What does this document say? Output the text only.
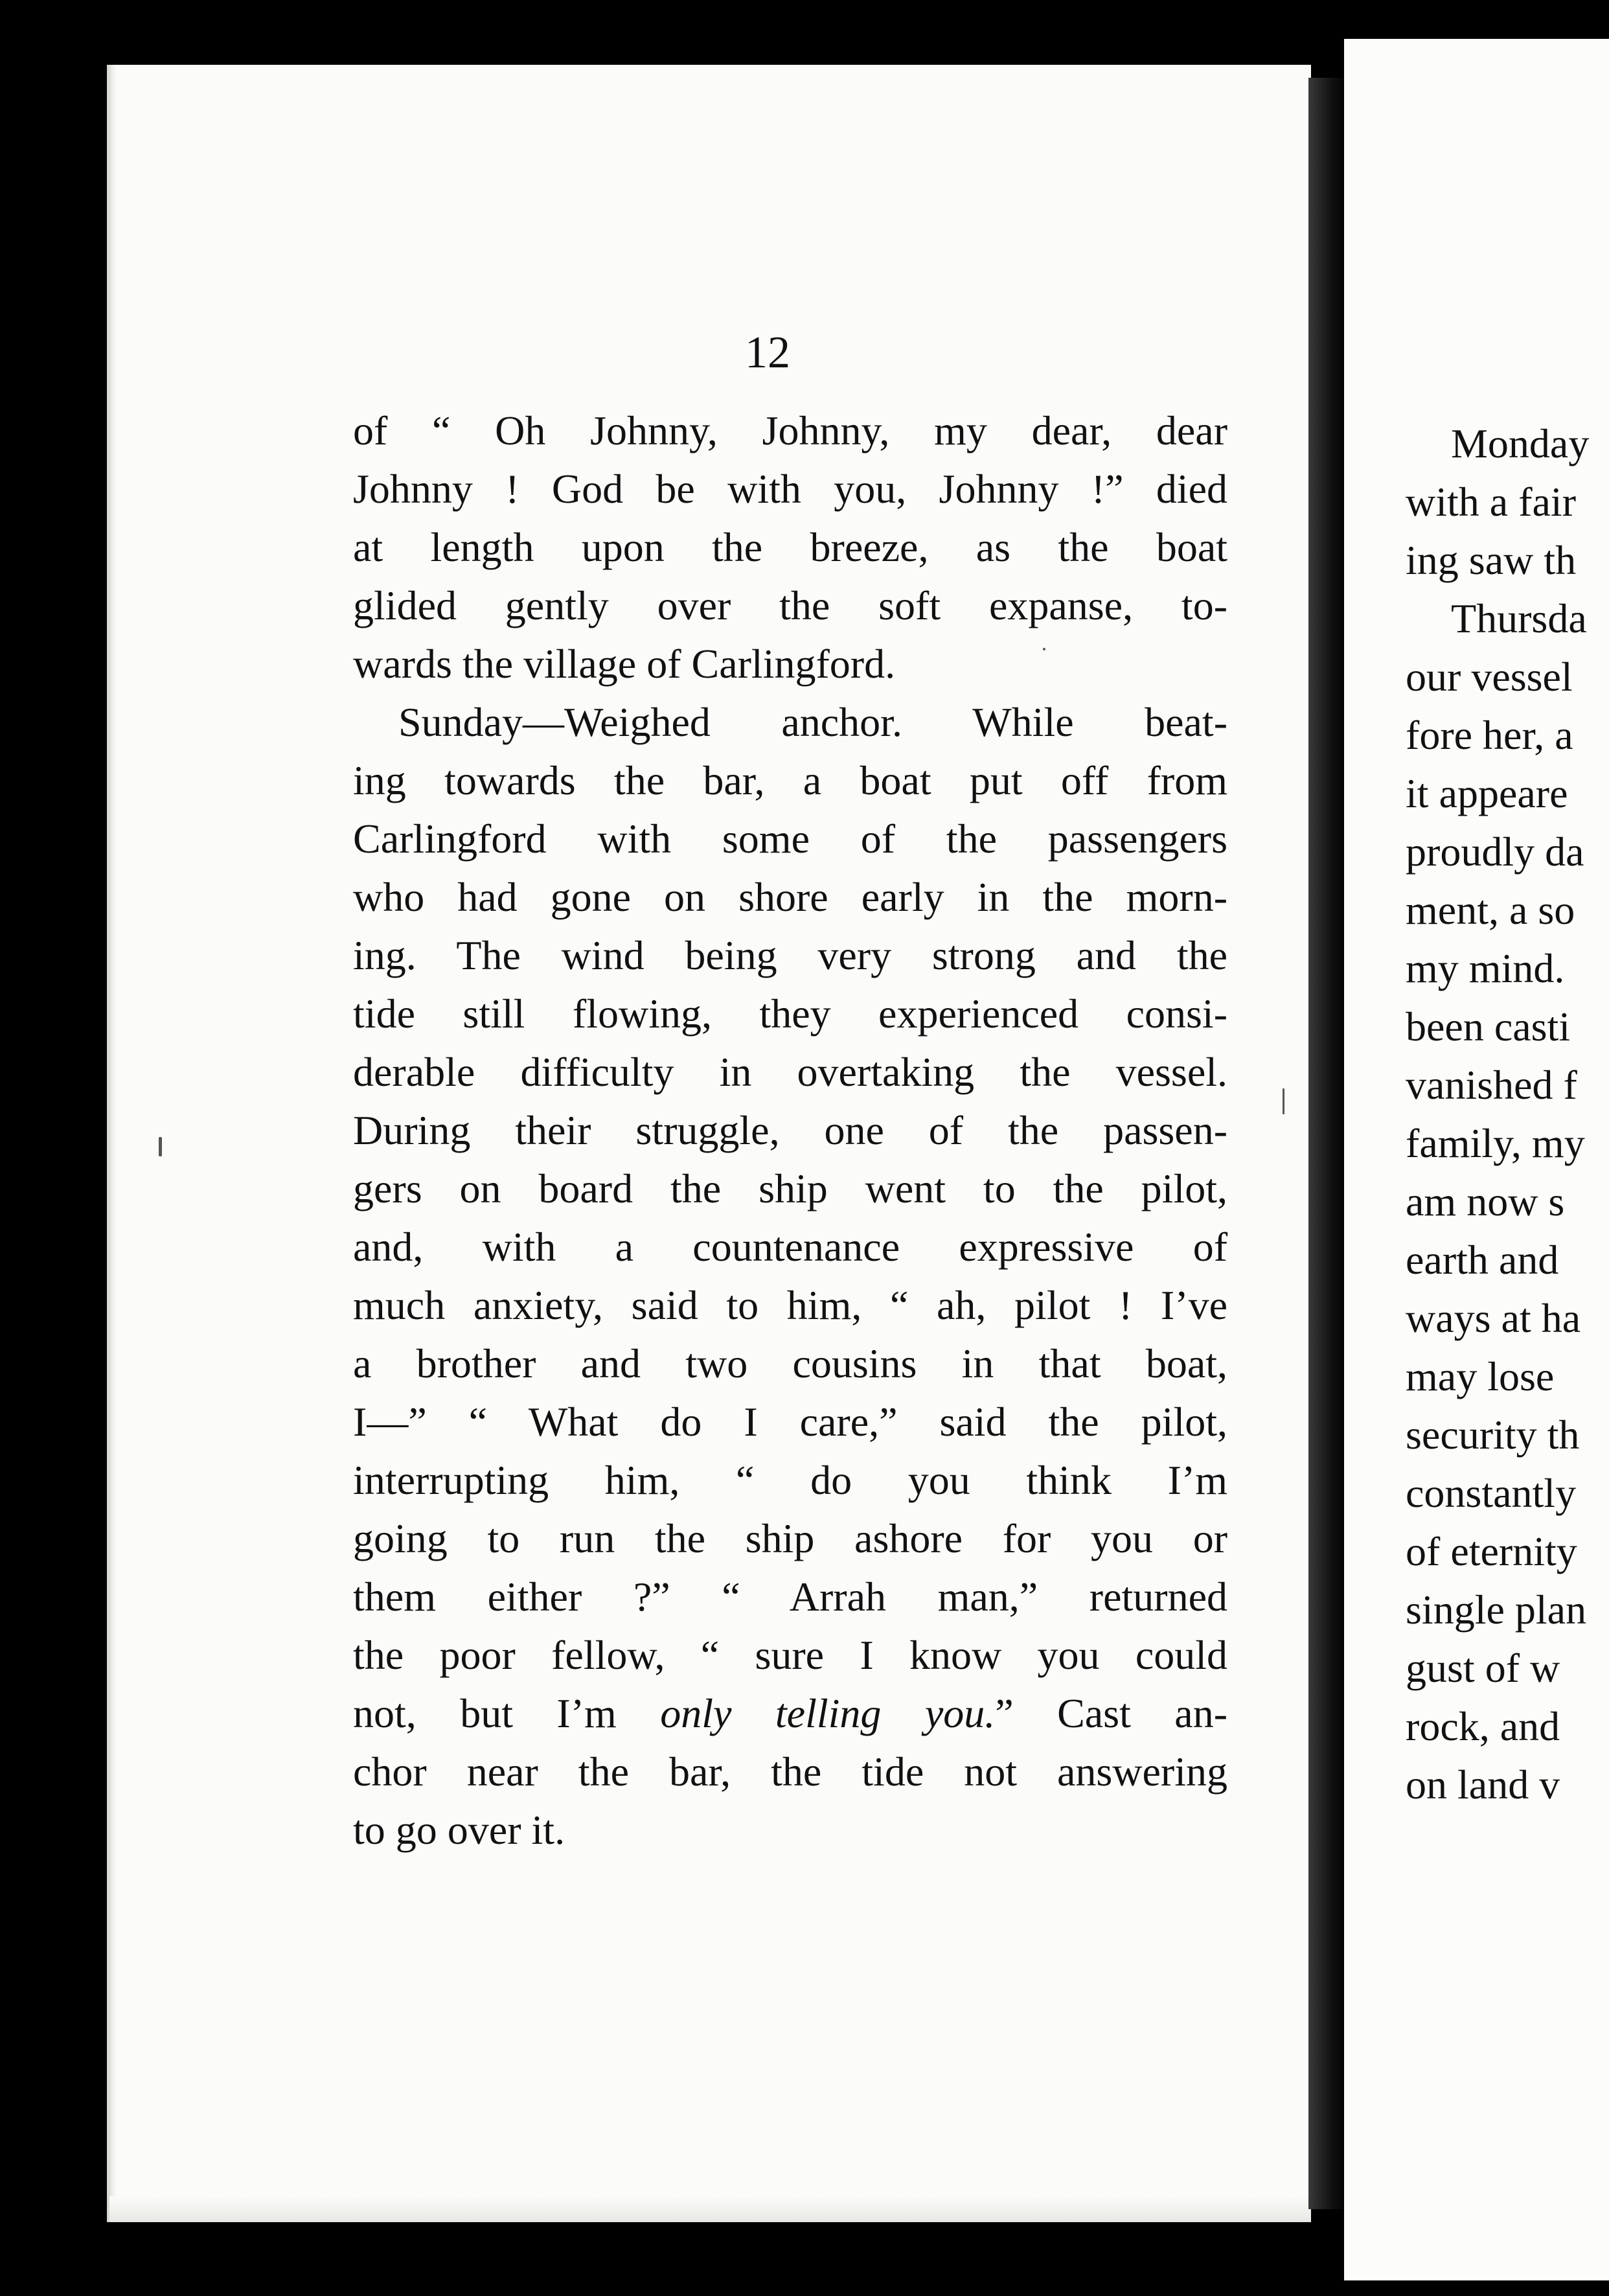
Monday
with a fair
ing saw th
Thursda
our vessel
fore her, a
it appeare
proudly da
ment, a so
my mind.
been casti
vanished f
family, my
am now s
earth and
ways at ha
may lose
security th
constantly
of eternity
single plan
gust of w
rock, and
on land v

12

of “ Oh Johnny, Johnny, my dear, dear
Johnny ! God be with you, Johnny !” died
at length upon the breeze, as the boat
glided gently over the soft expanse, to-
wards the village of Carlingford.
Sunday—Weighed anchor. While beat-
ing towards the bar, a boat put off from
Carlingford with some of the passengers
who had gone on shore early in the morn-
ing. The wind being very strong and the
tide still flowing, they experienced consi-
derable difficulty in overtaking the vessel.
During their struggle, one of the passen-
gers on board the ship went to the pilot,
and, with a countenance expressive of
much anxiety, said to him, “ ah, pilot ! I’ve
a brother and two cousins in that boat,
I—” “ What do I care,” said the pilot,
interrupting him, “ do you think I’m
going to run the ship ashore for you or
them either ?” “ Arrah man,” returned
the poor fellow, “ sure I know you could
not, but I’m only telling you.” Cast an-
chor near the bar, the tide not answering
to go over it.
